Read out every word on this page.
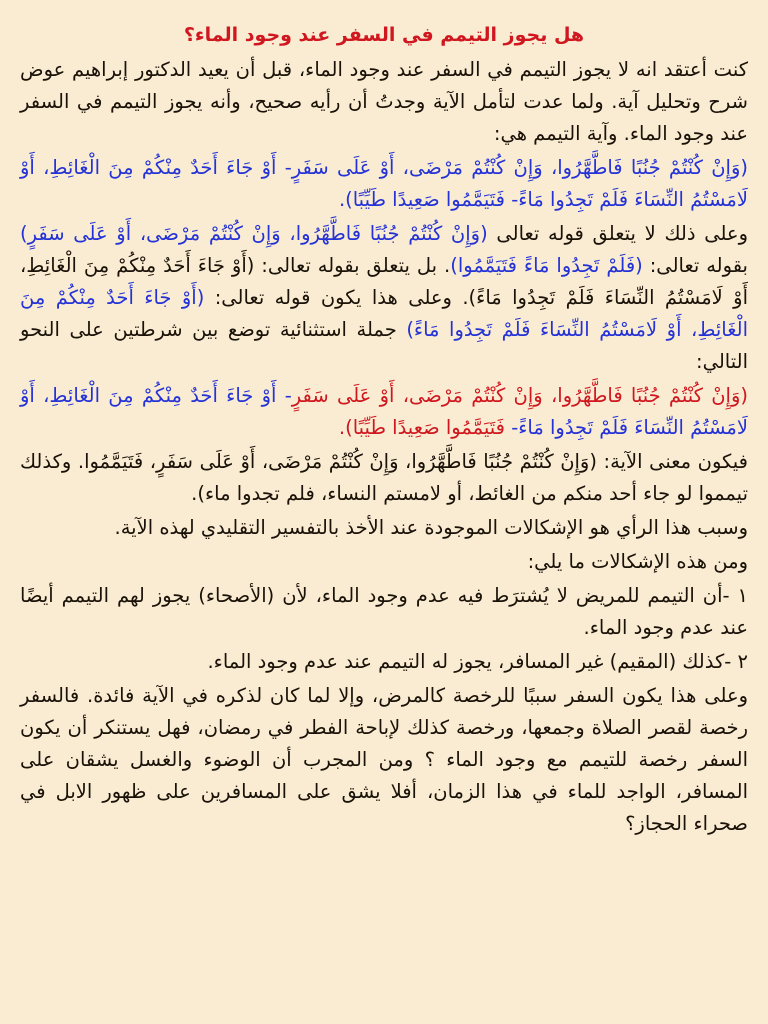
هل يجوز التيمم في السفر عند وجود الماء؟

كنت أعتقد انه لا يجوز التيمم في السفر عند وجود الماء، قبل أن يعيد الدكتور إبراهيم عوض شرح وتحليل آية. ولما عدت لتأمل الآية وجدتُ أن رأيه صحيح، وأنه يجوز التيمم في السفر عند وجود الماء. وآية التيمم هي:

(وَإِنْ كُنْتُمْ جُنُبًا فَاطَّهَّرُوا، وَإِنْ كُنْتُمْ مَرْضَى، أَوْ عَلَى سَفَرٍ- أَوْ جَاءَ أَحَدٌ مِنْكُمْ مِنَ الْغَائِطِ، أَوْ لَامَسْتُمُ النِّسَاءَ فَلَمْ تَجِدُوا مَاءً- فَتَيَمَّمُوا صَعِيدًا طَيِّبًا).

وعلى ذلك لا يتعلق قوله تعالى (وَإِنْ كُنْتُمْ جُنُبًا فَاطَّهَّرُوا، وَإِنْ كُنْتُمْ مَرْضَى، أَوْ عَلَى سَفَرٍ) بقوله تعالى: (فَلَمْ تَجِدُوا مَاءً فَتَيَمَّمُوا). بل يتعلق بقوله تعالى: (أَوْ جَاءَ أَحَدٌ مِنْكُمْ مِنَ الْغَائِطِ، أَوْ لَامَسْتُمُ النِّسَاءَ فَلَمْ تَجِدُوا مَاءً). وعلى هذا يكون قوله تعالى: (أَوْ جَاءَ أَحَدٌ مِنْكُمْ مِنَ الْغَائِطِ، أَوْ لَامَسْتُمُ النِّسَاءَ فَلَمْ تَجِدُوا مَاءً) جملة استثنائية توضع بين شرطتين على النحو التالي:

(وَإِنْ كُنْتُمْ جُنُبًا فَاطَّهَّرُوا، وَإِنْ كُنْتُمْ مَرْضَى، أَوْ عَلَى سَفَرٍ- أَوْ جَاءَ أَحَدٌ مِنْكُمْ مِنَ الْغَائِطِ، أَوْ لَامَسْتُمُ النِّسَاءَ فَلَمْ تَجِدُوا مَاءً- فَتَيَمَّمُوا صَعِيدًا طَيِّبًا).

فيكون معنى الآية: (وَإِنْ كُنْتُمْ جُنُبًا فَاطَّهَّرُوا، وَإِنْ كُنْتُمْ مَرْضَى، أَوْ عَلَى سَفَرٍ، فَتَيَمَّمُوا. وكذلك تيمموا لو جاء أحد منكم من الغائط، أو لامستم النساء، فلم تجدوا ماء).

وسبب هذا الرأي هو الإشكالات الموجودة عند الأخذ بالتفسير التقليدي لهذه الآية.

ومن هذه الإشكالات ما يلي:

١ -أن التيمم للمريض لا يُشترَط فيه عدم وجود الماء، لأن (الأصحاء) يجوز لهم التيمم أيضًا عند عدم وجود الماء.

٢ -كذلك (المقيم) غير المسافر، يجوز له التيمم عند عدم وجود الماء.

وعلى هذا يكون السفر سببًا للرخصة كالمرض، وإلا لما كان لذكره في الآية فائدة. فالسفر رخصة لقصر الصلاة وجمعها، ورخصة كذلك لإباحة الفطر في رمضان، فهل يستنكر أن يكون السفر رخصة للتيمم مع وجود الماء ؟ ومن المجرب أن الوضوء والغسل يشقان على المسافر، الواجد للماء في هذا الزمان، أفلا يشق على المسافرين على ظهور الابل في صحراء الحجاز؟
